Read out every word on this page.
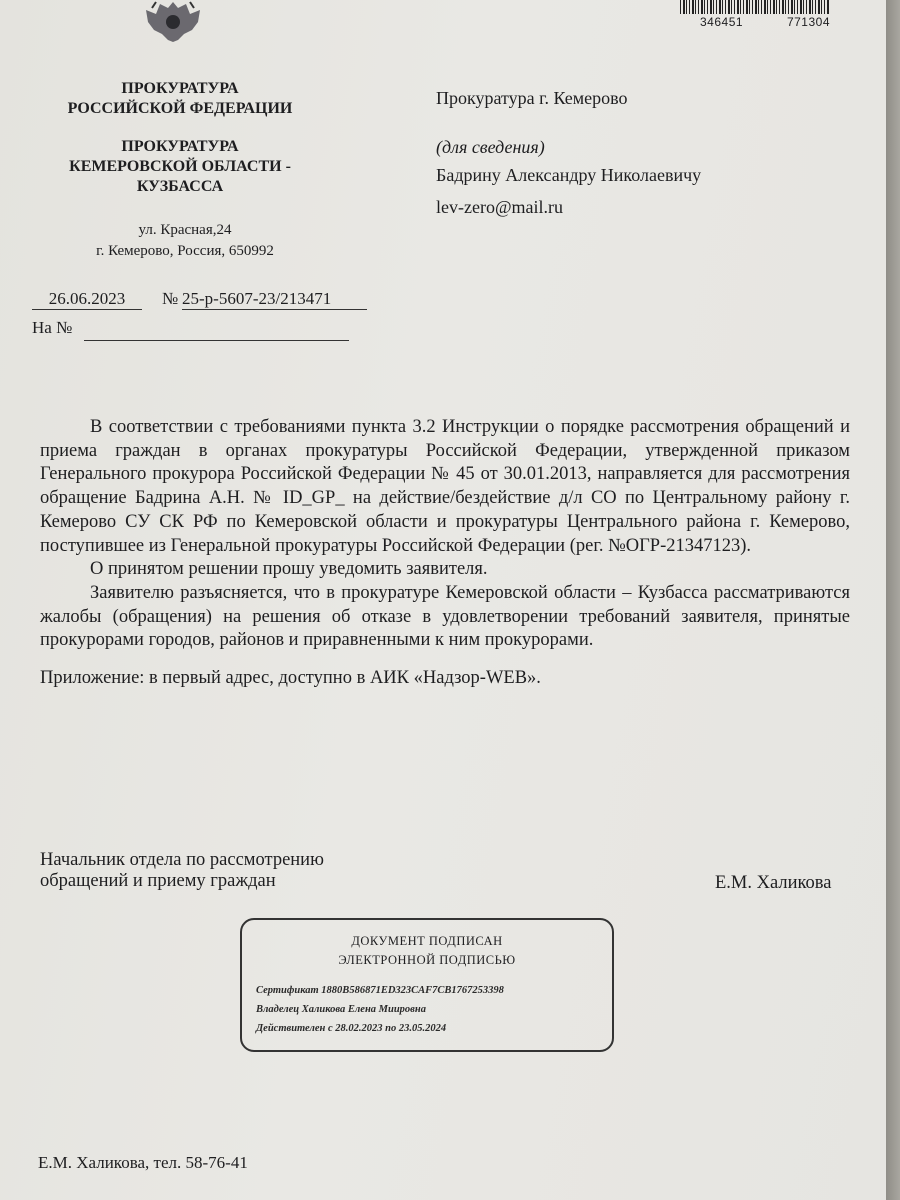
346451	771304
ПРОКУРАТУРА
РОССИЙСКОЙ ФЕДЕРАЦИИ
ПРОКУРАТУРА
КЕМЕРОВСКОЙ ОБЛАСТИ -
КУЗБАССА
ул. Красная,24
г. Кемерово, Россия, 650992
26.06.2023	№ 25-р-5607-23/213471
На №
Прокуратура г. Кемерово
(для сведения)
Бадрину Александру Николаевичу
lev-zero@mail.ru

В соответствии с требованиями пункта 3.2 Инструкции о порядке рассмотрения обращений и приема граждан в органах прокуратуры Российской Федерации, утвержденной приказом Генерального прокурора Российской Федерации № 45 от 30.01.2013, направляется для рассмотрения обращение Бадрина А.Н. № ID_GP_ на действие/бездействие д/л СО по Центральному району г. Кемерово СУ СК РФ по Кемеровской области и прокуратуры Центрального района г. Кемерово, поступившее из Генеральной прокуратуры Российской Федерации (рег. №ОГР-21347123).

О принятом решении прошу уведомить заявителя.

Заявителю разъясняется, что в прокуратуре Кемеровской области – Кузбасса рассматриваются жалобы (обращения) на решения об отказе в удовлетворении требований заявителя, принятые прокурорами городов, районов и приравненными к ним прокурорами.

Приложение: в первый адрес, доступно в АИК «Надзор-WEB».

Начальник отдела по рассмотрению
обращений и приему граждан	Е.М. Халикова
ДОКУМЕНТ ПОДПИСАН
ЭЛЕКТРОННОЙ ПОДПИСЬЮ
Сертификат 1880B586871ED323CAF7CB1767253398
Владелец Халикова Елена Миировна
Действителен с 28.02.2023 по 23.05.2024
Е.М. Халикова, тел. 58-76-41
